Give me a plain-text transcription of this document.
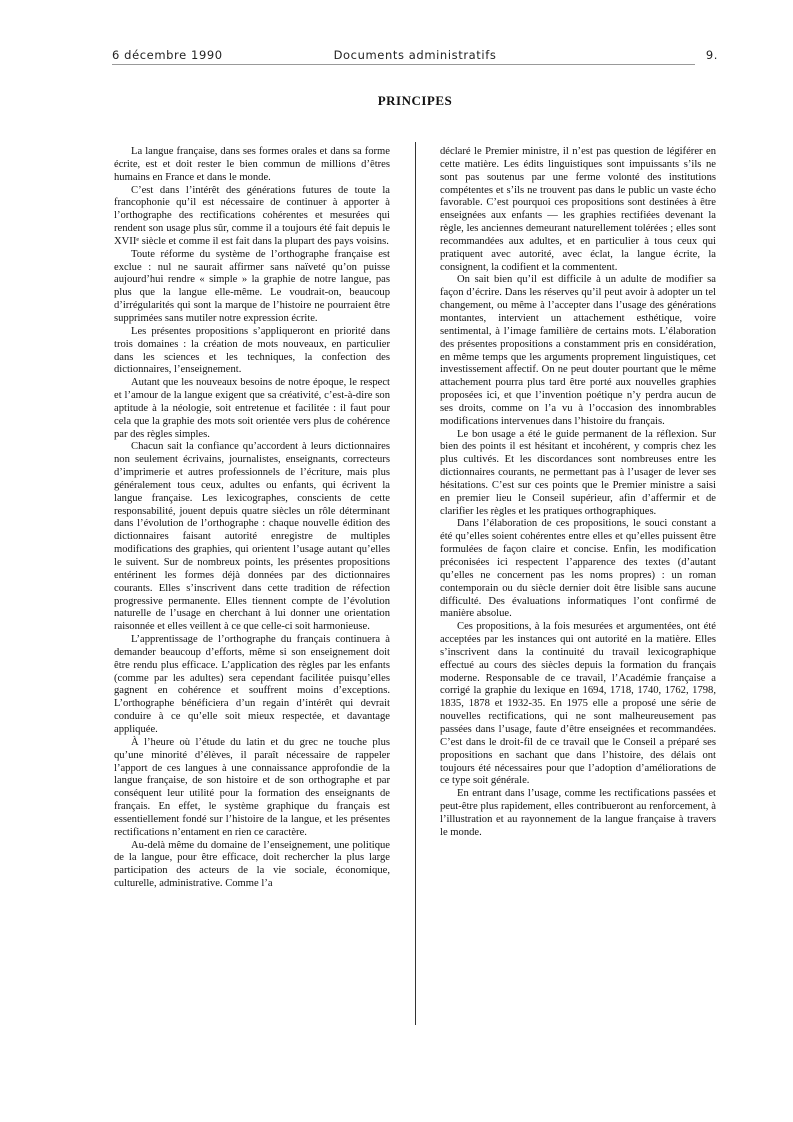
Documents administratifs
6 décembre 1990	9.
PRINCIPES

La langue française, dans ses formes orales et dans sa forme écrite, est et doit rester le bien commun de millions d’êtres humains en France et dans le monde.

C’est dans l’intérêt des générations futures de toute la francophonie qu’il est nécessaire de continuer à apporter à l’orthographe des rectifications cohérentes et mesurées qui rendent son usage plus sûr, comme il a toujours été fait depuis le XVIIᵉ siècle et comme il est fait dans la plupart des pays voisins.

Toute réforme du système de l’orthographe française est exclue : nul ne saurait affirmer sans naïveté qu’on puisse aujourd’hui rendre « simple » la graphie de notre langue, pas plus que la langue elle-même. Le voudrait-on, beaucoup d’irrégularités qui sont la marque de l’histoire ne pourraient être supprimées sans mutiler notre expression écrite.

Les présentes propositions s’appliqueront en priorité dans trois domaines : la création de mots nouveaux, en particulier dans les sciences et les techniques, la confection des dictionnaires, l’enseignement.

Autant que les nouveaux besoins de notre époque, le respect et l’amour de la langue exigent que sa créativité, c’est-à-dire son aptitude à la néologie, soit entretenue et facilitée : il faut pour cela que la graphie des mots soit orientée vers plus de cohérence par des règles simples.

Chacun sait la confiance qu’accordent à leurs dictionnaires non seulement écrivains, journalistes, enseignants, correcteurs d’imprimerie et autres professionnels de l’écriture, mais plus généralement tous ceux, adultes ou enfants, qui écrivent la langue française. Les lexicographes, conscients de cette responsabilité, jouent depuis quatre siècles un rôle déterminant dans l’évolution de l’orthographe : chaque nouvelle édition des dictionnaires faisant autorité enregistre de multiples modifications des graphies, qui orientent l’usage autant qu’elles le suivent. Sur de nombreux points, les présentes propositions entérinent les formes déjà données par des dictionnaires courants. Elles s’inscrivent dans cette tradition de réfection progressive permanente. Elles tiennent compte de l’évolution naturelle de l’usage en cherchant à lui donner une orientation raisonnée et elles veillent à ce que celle-ci soit harmonieuse.

L’apprentissage de l’orthographe du français continuera à demander beaucoup d’efforts, même si son enseignement doit être rendu plus efficace. L’application des règles par les enfants (comme par les adultes) sera cependant facilitée puisqu’elles gagnent en cohérence et souffrent moins d’exceptions. L’orthographe bénéficiera d’un regain d’intérêt qui devrait conduire à ce qu’elle soit mieux respectée, et davantage appliquée.

À l’heure où l’étude du latin et du grec ne touche plus qu’une minorité d’élèves, il paraît nécessaire de rappeler l’apport de ces langues à une connaissance approfondie de la langue française, de son histoire et de son orthographe et par conséquent leur utilité pour la formation des enseignants de français. En effet, le système graphique du français est essentiellement fondé sur l’histoire de la langue, et les présentes rectifications n’entament en rien ce caractère.

Au-delà même du domaine de l’enseignement, une politique de la langue, pour être efficace, doit rechercher la plus large participation des acteurs de la vie sociale, économique, culturelle, administrative. Comme l’a

déclaré le Premier ministre, il n’est pas question de légiférer en cette matière. Les édits linguistiques sont impuissants s’ils ne sont pas soutenus par une ferme volonté des institutions compétentes et s’ils ne trouvent pas dans le public un vaste écho favorable. C’est pourquoi ces propositions sont destinées à être enseignées aux enfants — les graphies rectifiées devenant la règle, les anciennes demeurant naturellement tolérées ; elles sont recommandées aux adultes, et en particulier à tous ceux qui pratiquent avec autorité, avec éclat, la langue écrite, la consignent, la codifient et la commentent.

On sait bien qu’il est difficile à un adulte de modifier sa façon d’écrire. Dans les réserves qu’il peut avoir à adopter un tel changement, ou même à l’accepter dans l’usage des générations montantes, intervient un attachement esthétique, voire sentimental, à l’image familière de certains mots. L’élaboration des présentes propositions a constamment pris en considération, en même temps que les arguments proprement linguistiques, cet investissement affectif. On ne peut douter pourtant que le même attachement pourra plus tard être porté aux nouvelles graphies proposées ici, et que l’invention poétique n’y perdra aucun de ses droits, comme on l’a vu à l’occasion des innombrables modifications intervenues dans l’histoire du français.

Le bon usage a été le guide permanent de la réflexion. Sur bien des points il est hésitant et incohérent, y compris chez les plus cultivés. Et les discordances sont nombreuses entre les dictionnaires courants, ne permettant pas à l’usager de lever ses hésitations. C’est sur ces points que le Premier ministre a saisi en premier lieu le Conseil supérieur, afin d’affermir et de clarifier les règles et les pratiques orthographiques.

Dans l’élaboration de ces propositions, le souci constant a été qu’elles soient cohérentes entre elles et qu’elles puissent être formulées de façon claire et concise. Enfin, les modification préconisées ici respectent l’apparence des textes (d’autant qu’elles ne concernent pas les noms propres) : un roman contemporain ou du siècle dernier doit être lisible sans aucune difficulté. Des évaluations informatiques l’ont confirmé de manière absolue.

Ces propositions, à la fois mesurées et argumentées, ont été acceptées par les instances qui ont autorité en la matière. Elles s’inscrivent dans la continuité du travail lexicographique effectué au cours des siècles depuis la formation du français moderne. Responsable de ce travail, l’Académie française a corrigé la graphie du lexique en 1694, 1718, 1740, 1762, 1798, 1835, 1878 et 1932-35. En 1975 elle a proposé une série de nouvelles rectifications, qui ne sont malheureusement pas passées dans l’usage, faute d’être enseignées et recommandées. C’est dans le droit-fil de ce travail que le Conseil a préparé ses propositions en sachant que dans l’histoire, des délais ont toujours été nécessaires pour que l’adoption d’améliorations de ce type soit générale.

En entrant dans l’usage, comme les rectifications passées et peut-être plus rapidement, elles contribueront au renforcement, à l’illustration et au rayonnement de la langue française à travers le monde.
